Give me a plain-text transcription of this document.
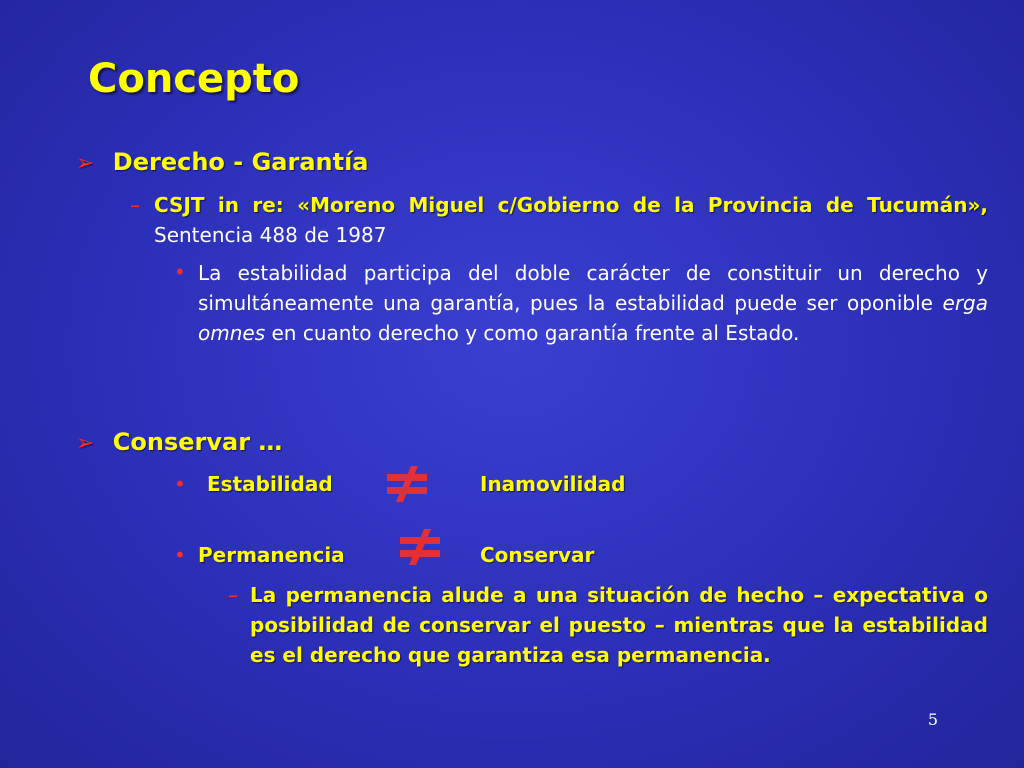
Concepto
➢ Derecho - Garantía
– CSJT in re: «Moreno Miguel c/Gobierno de la Provincia de Tucumán», Sentencia 488 de 1987
• La estabilidad participa del doble carácter de constituir un derecho y simultáneamente una garantía, pues la estabilidad puede ser oponible erga omnes en cuanto derecho y como garantía frente al Estado.
➢ Conservar …
• Estabilidad	Inamovilidad
• Permanencia	Conservar
– La permanencia alude a una situación de hecho – expectativa o posibilidad de conservar el puesto – mientras que la estabilidad es el derecho que garantiza esa permanencia.
5
